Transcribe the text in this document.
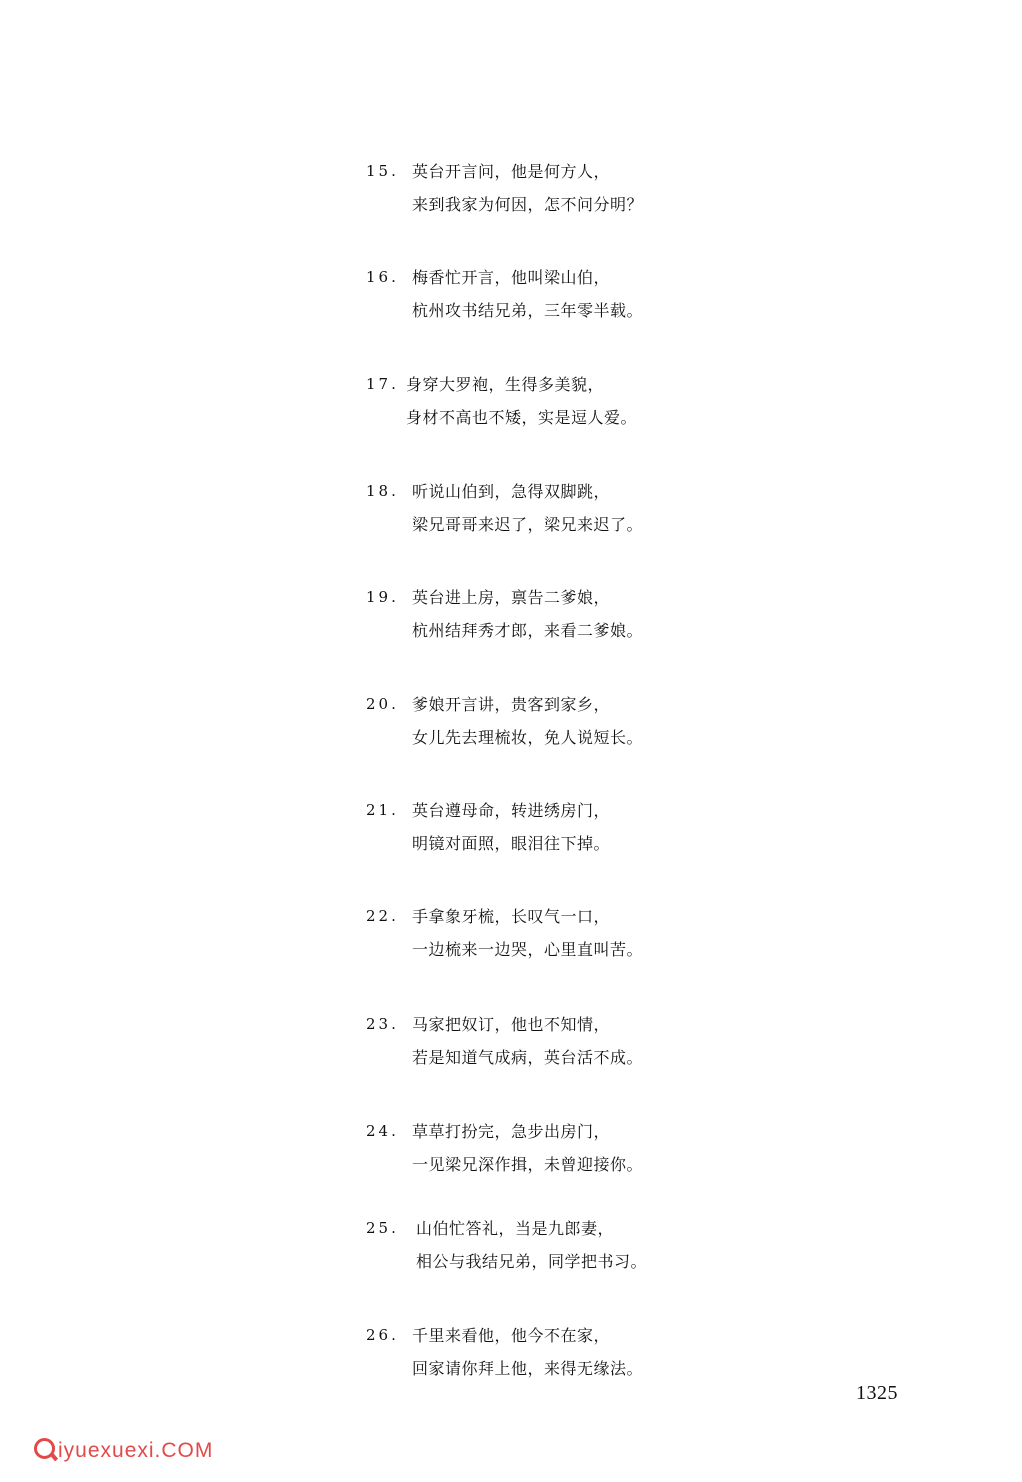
15. 英台开言问，他是何方人，
来到我家为何因，怎不问分明？
16. 梅香忙开言，他叫梁山伯，
杭州攻书结兄弟，三年零半载。
17. 身穿大罗袍，生得多美貌，
身材不高也不矮，实是逗人爱。
18. 听说山伯到，急得双脚跳，
梁兄哥哥来迟了，梁兄来迟了。
19. 英台进上房，禀告二爹娘，
杭州结拜秀才郎，来看二爹娘。
20. 爹娘开言讲，贵客到家乡，
女儿先去理梳妆，免人说短长。
21. 英台遵母命，转进绣房门，
明镜对面照，眼泪往下掉。
22. 手拿象牙梳，长叹气一口，
一边梳来一边哭，心里直叫苦。
23. 马家把奴订，他也不知情，
若是知道气成病，英台活不成。
24. 草草打扮完，急步出房门，
一见梁兄深作揖，未曾迎接你。
25. 山伯忙答礼，当是九郎妻，
相公与我结兄弟，同学把书习。
26. 千里来看他，他今不在家，
回家请你拜上他，来得无缘法。
1325
iyuexuexi.COM
